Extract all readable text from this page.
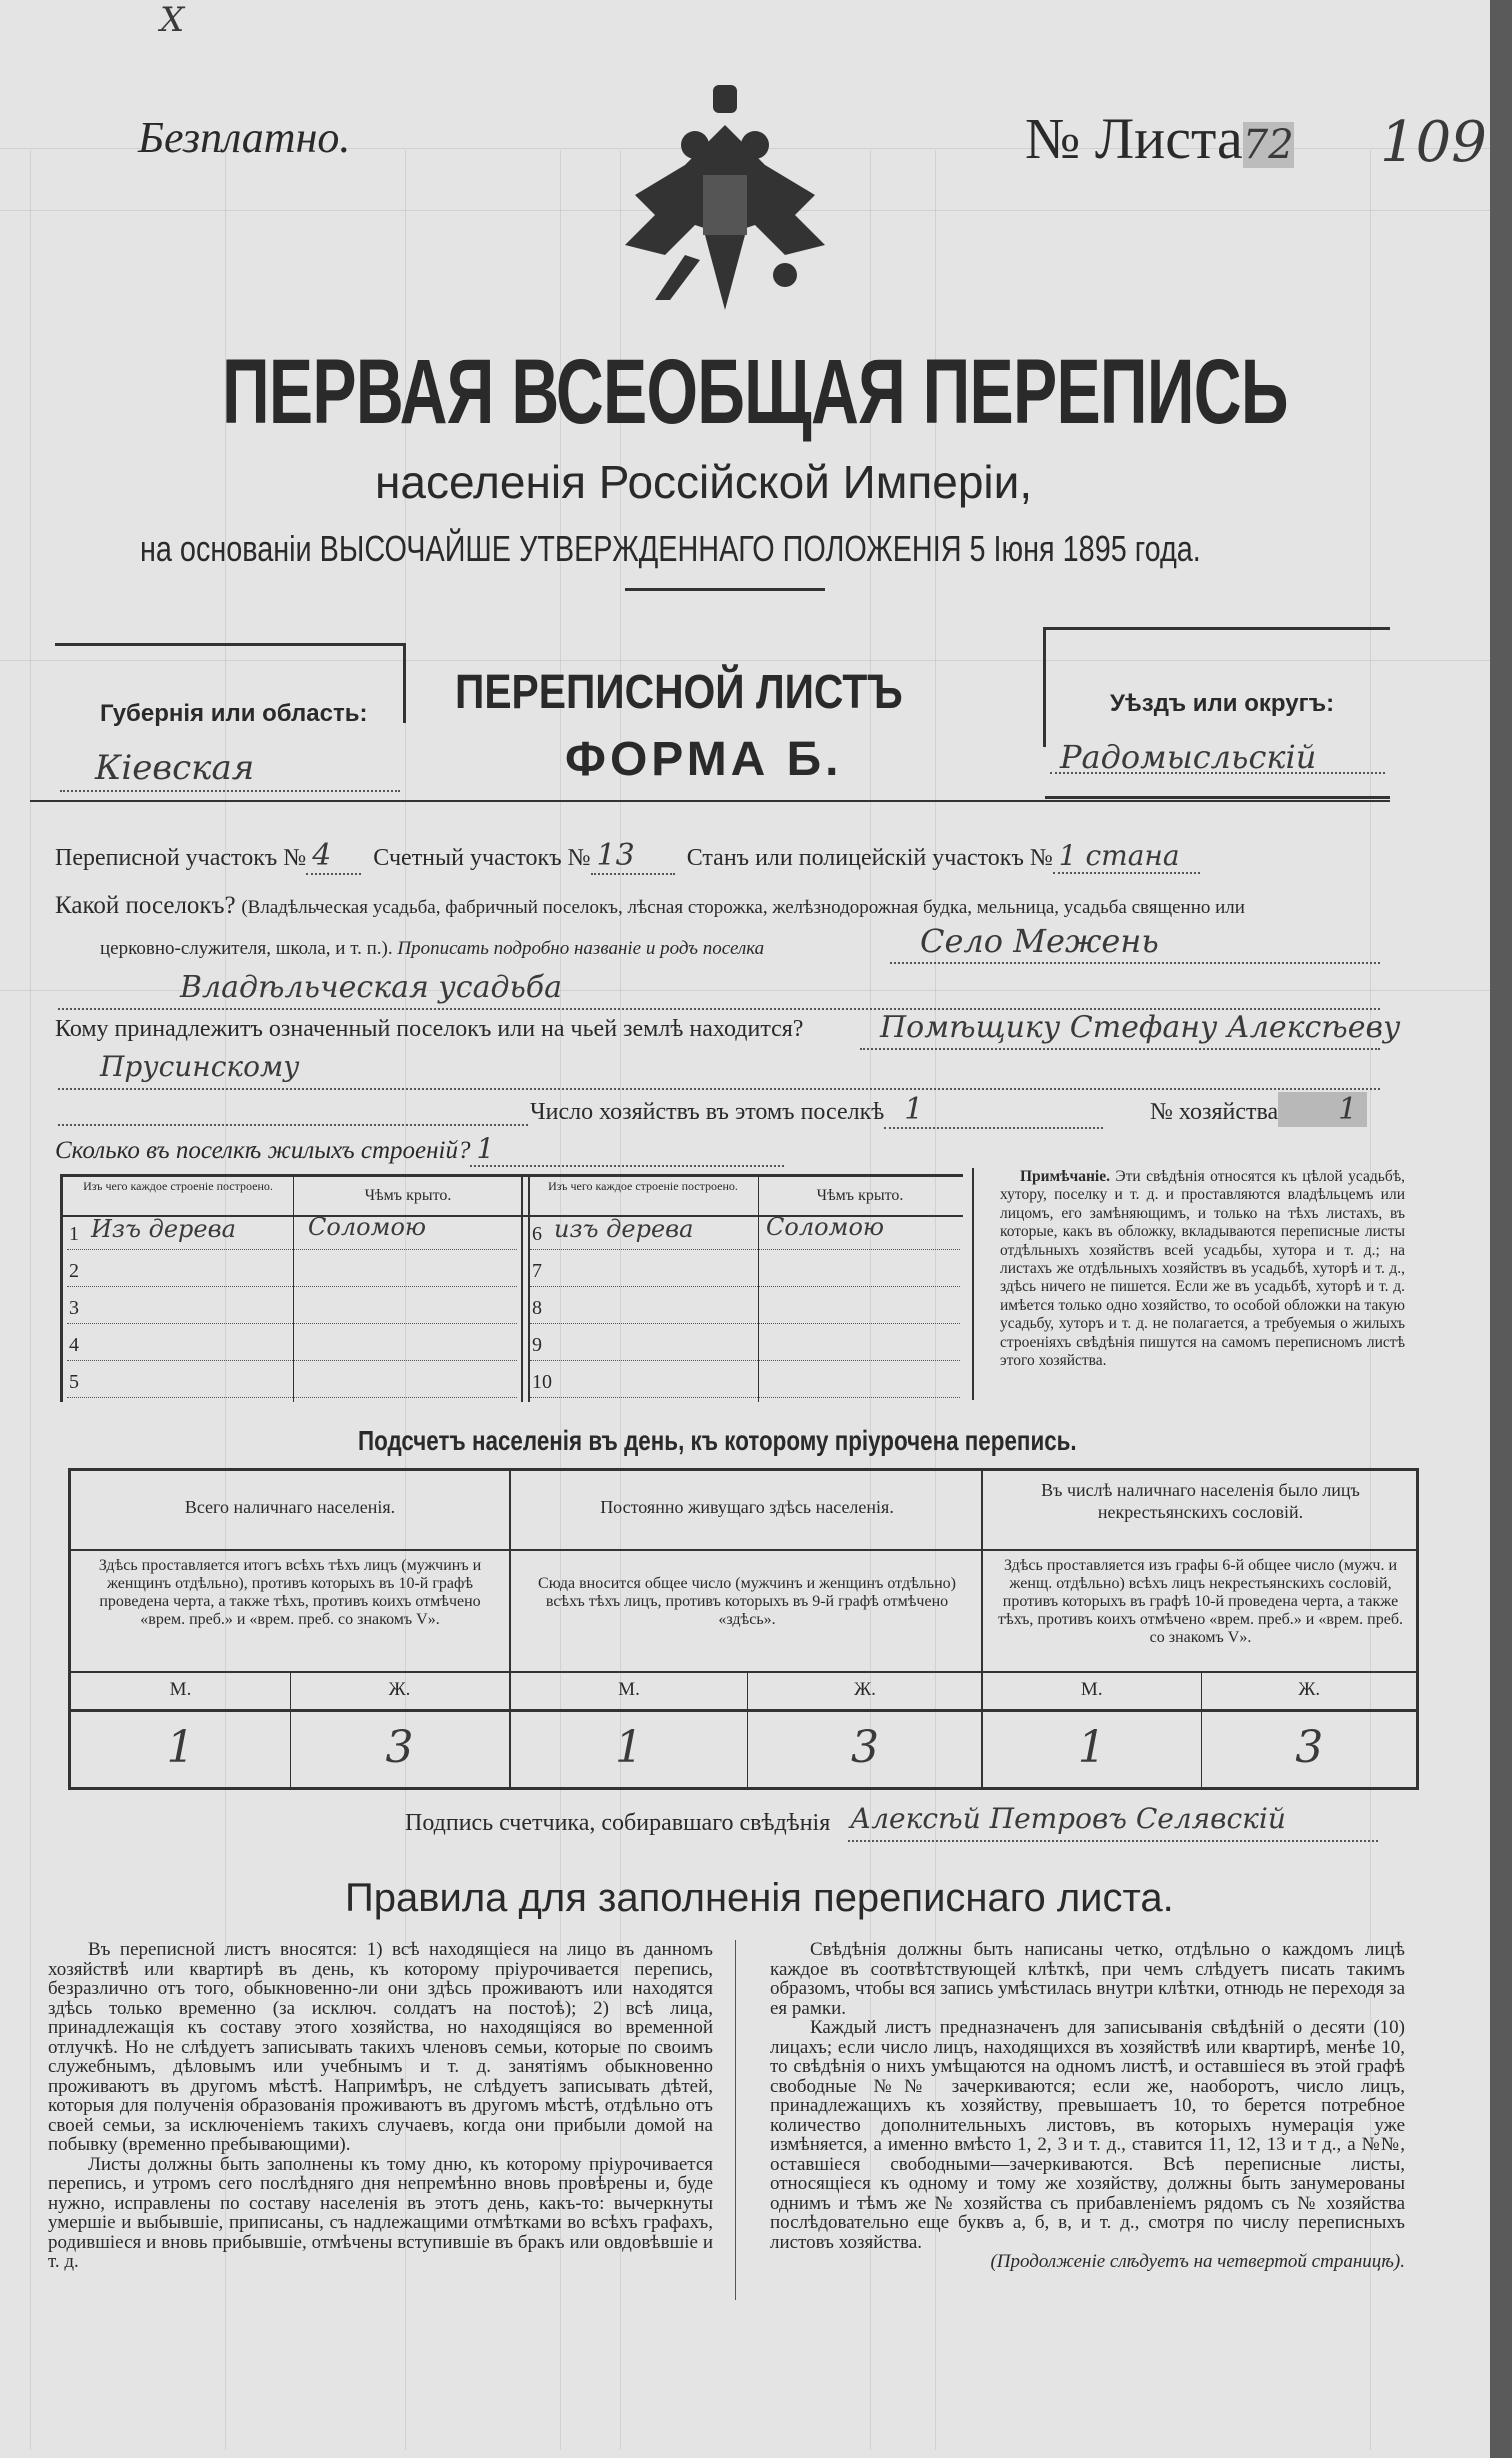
X
Безплатно.	№ Листа72 109
ПЕРВАЯ ВСЕОБЩАЯ ПЕРЕПИСЬ
населенія Россійской Имперіи,
на основаніи ВЫСОЧАЙШЕ УТВЕРЖДЕННАГО ПОЛОЖЕНІЯ 5 Іюня 1895 года.
Губернія или область:
Кіевская
ПЕРЕПИСНОЙ ЛИСТЪ
ФОРМА Б.
Уѣздъ или округъ:
Радомысльскій
Переписной участокъ № 4 Счетный участокъ № 13 Станъ или полицейскій участокъ № 1 стана
Какой поселокъ? (Владѣльческая усадьба, фабричный поселокъ, лѣсная сторожка, желѣзнодорожная будка, мельница, усадьба священно или
церковно-служителя, школа, и т. п.). Прописать подробно названіе и родъ поселка	Село Межень
Владѣльческая усадьба
Кому принадлежитъ означенный поселокъ или на чьей землѣ находится?	Помѣщику Стефану Алексѣеву
Прусинскому
Число хозяйствъ въ этомъ поселкѣ 1	№ хозяйства 1
Сколько въ поселкѣ жилыхъ строеній? 1
Изъ чего каждое строеніе построено.
Чѣмъ крыто.
Изъ чего каждое строеніе построено.
Чѣмъ крыто.
1 Изъ дерева	Соломою
2
3
4
5
6 изъ дерева	Соломою
7
8
9
10

Примѣчаніе. Эти свѣдѣнія относятся къ цѣлой усадьбѣ, хутору, поселку и т. д. и проставляются владѣльцемъ или лицомъ, его замѣняющимъ, и только на тѣхъ листахъ, въ которые, какъ въ обложку, вкладываются переписные листы отдѣльныхъ хозяйствъ всей усадьбы, хутора и т. д.; на листахъ же отдѣльныхъ хозяйствъ въ усадьбѣ, хуторѣ и т. д., здѣсь ничего не пишется. Если же въ усадьбѣ, хуторѣ и т. д. имѣется только одно хозяйство, то особой обложки на такую усадьбу, хуторъ и т. д. не полагается, а требуемыя о жилыхъ строеніяхъ свѣдѣнія пишутся на самомъ переписномъ листѣ этого хозяйства.

Подсчетъ населенія въ день, къ которому пріурочена перепись.
Всего наличнаго населенія.
Здѣсь проставляется итогъ всѣхъ тѣхъ лицъ (мужчинъ и женщинъ отдѣльно), противъ которыхъ въ 10-й графѣ проведена черта, а также тѣхъ, противъ коихъ отмѣчено «врем. преб.» и «врем. преб. со знакомъ V».
М.	Ж.
1	3
Постоянно живущаго здѣсь населенія.
Сюда вносится общее число (мужчинъ и женщинъ отдѣльно) всѣхъ тѣхъ лицъ, противъ которыхъ въ 9-й графѣ отмѣчено «здѣсь».
М.	Ж.
1	3
Въ числѣ наличнаго населенія было лицъ некрестьянскихъ сословій.
Здѣсь проставляется изъ графы 6-й общее число (мужч. и женщ. отдѣльно) всѣхъ лицъ некрестьянскихъ сословій, противъ которыхъ въ графѣ 10-й проведена черта, а также тѣхъ, противъ коихъ отмѣчено «врем. преб.» и «врем. преб. со знакомъ V».
М.	Ж.
1	3
Подпись счетчика, собиравшаго свѣдѣнія Алексѣй Петровъ Селявскій
Правила для заполненія переписнаго листа.

Въ переписной листъ вносятся: 1) всѣ находящіеся на лицо въ данномъ хозяйствѣ или квартирѣ въ день, къ которому пріурочивается перепись, безразлично отъ того, обыкновенно-ли они здѣсь проживаютъ или находятся здѣсь только временно (за исключ. солдатъ на постоѣ); 2) всѣ лица, принадлежащія къ составу этого хозяйства, но находящіяся во временной отлучкѣ. Но не слѣдуетъ записывать такихъ членовъ семьи, которые по своимъ служебнымъ, дѣловымъ или учебнымъ и т. д. занятіямъ обыкновенно проживаютъ въ другомъ мѣстѣ. Напримѣръ, не слѣдуетъ записывать дѣтей, которыя для полученія образованія проживаютъ въ другомъ мѣстѣ, отдѣльно отъ своей семьи, за исключеніемъ такихъ случаевъ, когда они прибыли домой на побывку (временно пребывающими).

Листы должны быть заполнены къ тому дню, къ которому пріурочивается перепись, и утромъ сего послѣдняго дня непремѣнно вновь провѣрены и, буде нужно, исправлены по составу населенія въ этотъ день, какъ-то: вычеркнуты умершіе и выбывшіе, приписаны, съ надлежащими отмѣтками во всѣхъ графахъ, родившіеся и вновь прибывшіе, отмѣчены вступившіе въ бракъ или овдовѣвшіе и т. д.

Свѣдѣнія должны быть написаны четко, отдѣльно о каждомъ лицѣ каждое въ соотвѣтствующей клѣткѣ, при чемъ слѣдуетъ писать такимъ образомъ, чтобы вся запись умѣстилась внутри клѣтки, отнюдь не переходя за ея рамки.

Каждый листъ предназначенъ для записыванія свѣдѣній о десяти (10) лицахъ; если число лицъ, находящихся въ хозяйствѣ или квартирѣ, менѣе 10, то свѣдѣнія о нихъ умѣщаются на одномъ листѣ, и оставшіеся въ этой графѣ свободные №№ зачеркиваются; если же, наоборотъ, число лицъ, принадлежащихъ къ хозяйству, превышаетъ 10, то берется потребное количество дополнительныхъ листовъ, въ которыхъ нумерація уже измѣняется, а именно вмѣсто 1, 2, 3 и т. д., ставится 11, 12, 13 и т д., а №№, оставшіеся свободными—зачеркиваются. Всѣ переписные листы, относящіеся къ одному и тому же хозяйству, должны быть занумерованы однимъ и тѣмъ же № хозяйства съ прибавленіемъ рядомъ съ № хозяйства послѣдовательно еще буквъ а, б, в, и т. д., смотря по числу переписныхъ листовъ хозяйства.

(Продолженіе слѣдуетъ на четвертой страницѣ).
